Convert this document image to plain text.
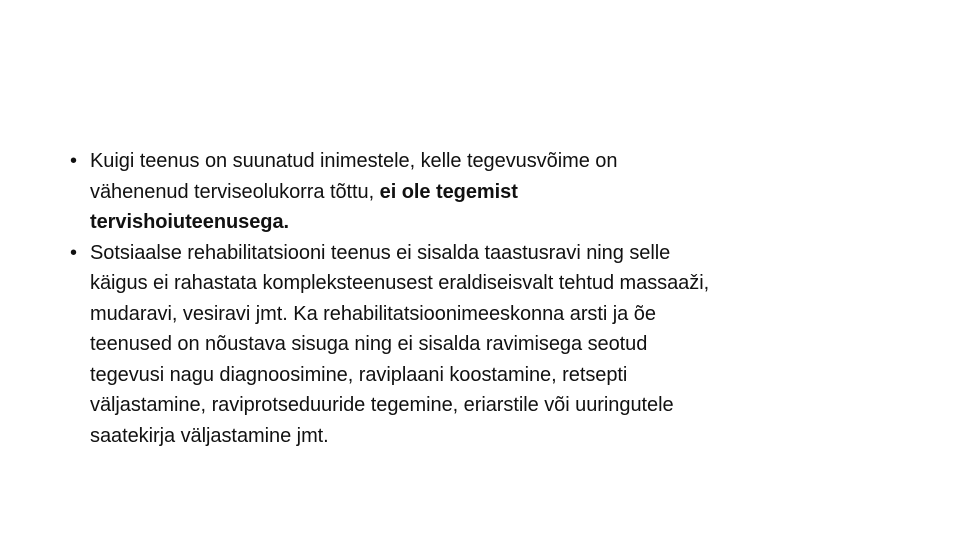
• Kuigi teenus on suunatud inimestele, kelle tegevusvõime on
vähenenud terviseolukorra tõttu, ei ole tegemist
tervishoiuteenusega.
• Sotsiaalse rehabilitatsiooni teenus ei sisalda taastusravi ning selle
käigus ei rahastata kompleksteenusest eraldiseisvalt tehtud massaaži,
mudaravi, vesiravi jmt. Ka rehabilitatsioonimeeskonna arsti ja õe
teenused on nõustava sisuga ning ei sisalda ravimisega seotud
tegevusi nagu diagnoosimine, raviplaani koostamine, retsepti
väljastamine, raviprotseduuride tegemine, eriarstile või uuringutele
saatekirja väljastamine jmt.
